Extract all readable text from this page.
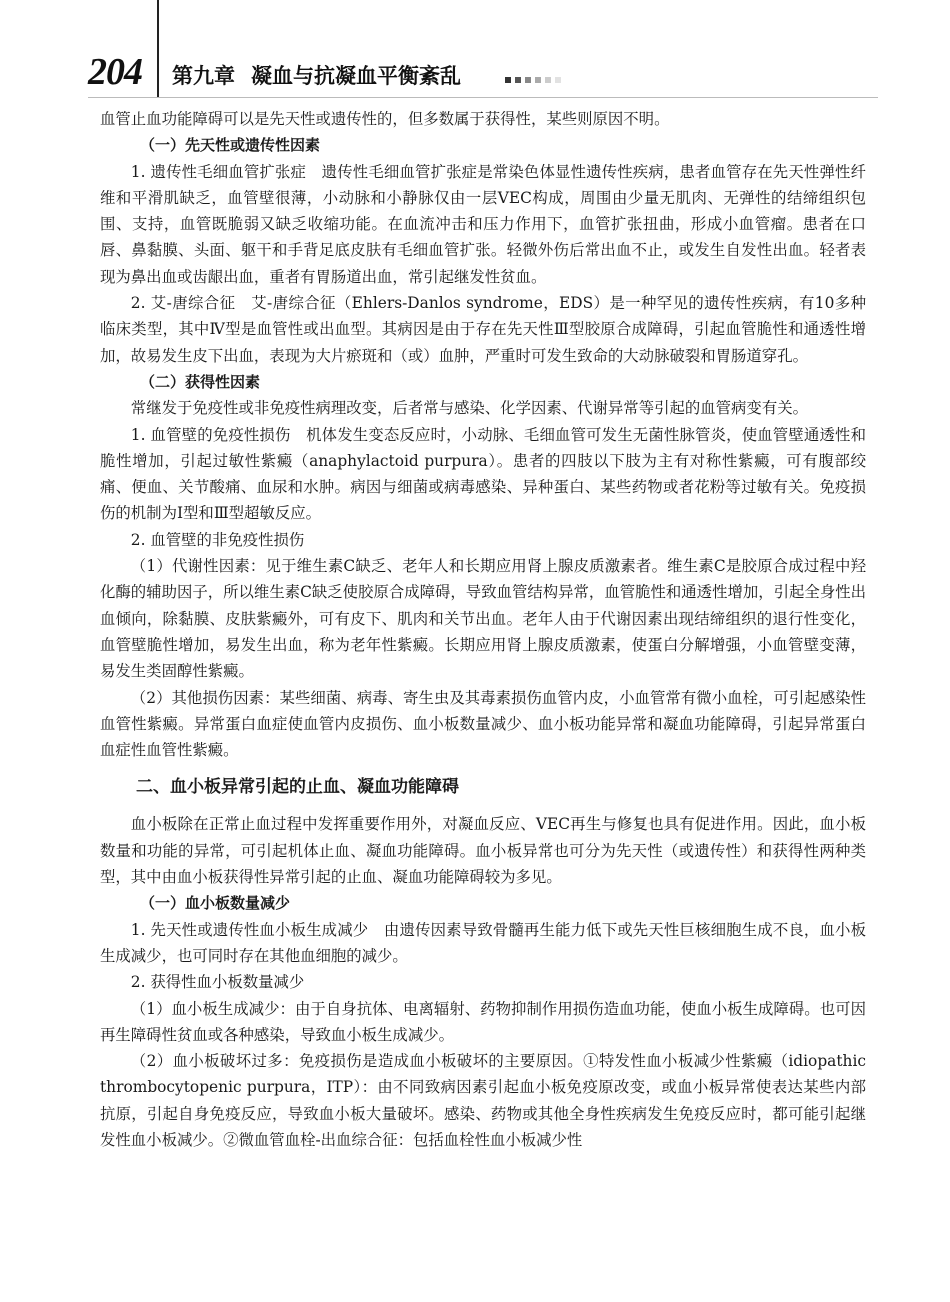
204 第九章 凝血与抗凝血平衡紊乱

血管止血功能障碍可以是先天性或遗传性的，但多数属于获得性，某些则原因不明。

（一）先天性或遗传性因素

1. 遗传性毛细血管扩张症　 遗传性毛细血管扩张症是常染色体显性遗传性疾病，患者血管存在先天性弹性纤维和平滑肌缺乏，血管壁很薄，小动脉和小静脉仅由一层VEC构成，周围由少量无肌肉、无弹性的结缔组织包围、支持，血管既脆弱又缺乏收缩功能。在血流冲击和压力作用下，血管扩张扭曲，形成小血管瘤。患者在口唇、鼻黏膜、头面、躯干和手背足底皮肤有毛细血管扩张。轻微外伤后常出血不止，或发生自发性出血。轻者表现为鼻出血或齿龈出血，重者有胃肠道出血，常引起继发性贫血。

2. 艾-唐综合征　 艾-唐综合征（Ehlers-Danlos syndrome，EDS）是一种罕见的遗传性疾病，有10多种临床类型，其中Ⅳ型是血管性或出血型。其病因是由于存在先天性Ⅲ型胶原合成障碍，引起血管脆性和通透性增加，故易发生皮下出血，表现为大片瘀斑和（或）血肿，严重时可发生致命的大动脉破裂和胃肠道穿孔。

（二）获得性因素

常继发于免疫性或非免疫性病理改变，后者常与感染、化学因素、代谢异常等引起的血管病变有关。

1. 血管壁的免疫性损伤　 机体发生变态反应时，小动脉、毛细血管可发生无菌性脉管炎，使血管壁通透性和脆性增加，引起过敏性紫癜（anaphylactoid purpura）。患者的四肢以下肢为主有对称性紫癜，可有腹部绞痛、便血、关节酸痛、血尿和水肿。病因与细菌或病毒感染、异种蛋白、某些药物或者花粉等过敏有关。免疫损伤的机制为Ⅰ型和Ⅲ型超敏反应。

2. 血管壁的非免疫性损伤

（1）代谢性因素：见于维生素C缺乏、老年人和长期应用肾上腺皮质激素者。维生素C是胶原合成过程中羟化酶的辅助因子，所以维生素C缺乏使胶原合成障碍，导致血管结构异常，血管脆性和通透性增加，引起全身性出血倾向，除黏膜、皮肤紫癜外，可有皮下、肌肉和关节出血。老年人由于代谢因素出现结缔组织的退行性变化，血管壁脆性增加，易发生出血，称为老年性紫癜。长期应用肾上腺皮质激素，使蛋白分解增强，小血管壁变薄，易发生类固醇性紫癜。

（2）其他损伤因素：某些细菌、病毒、寄生虫及其毒素损伤血管内皮，小血管常有微小血栓，可引起感染性血管性紫癜。异常蛋白血症使血管内皮损伤、血小板数量减少、血小板功能异常和凝血功能障碍，引起异常蛋白血症性血管性紫癜。

二、血小板异常引起的止血、凝血功能障碍

血小板除在正常止血过程中发挥重要作用外，对凝血反应、VEC再生与修复也具有促进作用。因此，血小板数量和功能的异常，可引起机体止血、凝血功能障碍。血小板异常也可分为先天性（或遗传性）和获得性两种类型，其中由血小板获得性异常引起的止血、凝血功能障碍较为多见。

（一）血小板数量减少

1. 先天性或遗传性血小板生成减少　 由遗传因素导致骨髓再生能力低下或先天性巨核细胞生成不良，血小板生成减少，也可同时存在其他血细胞的减少。

2. 获得性血小板数量减少

（1）血小板生成减少：由于自身抗体、电离辐射、药物抑制作用损伤造血功能，使血小板生成障碍。也可因再生障碍性贫血或各种感染，导致血小板生成减少。

（2）血小板破坏过多：免疫损伤是造成血小板破坏的主要原因。①特发性血小板减少性紫癜（idiopathic thrombocytopenic purpura，ITP）：由不同致病因素引起血小板免疫原改变，或血小板异常使表达某些内部抗原，引起自身免疫反应，导致血小板大量破坏。感染、药物或其他全身性疾病发生免疫反应时，都可能引起继发性血小板减少。②微血管血栓-出血综合征：包括血栓性血小板减少性
